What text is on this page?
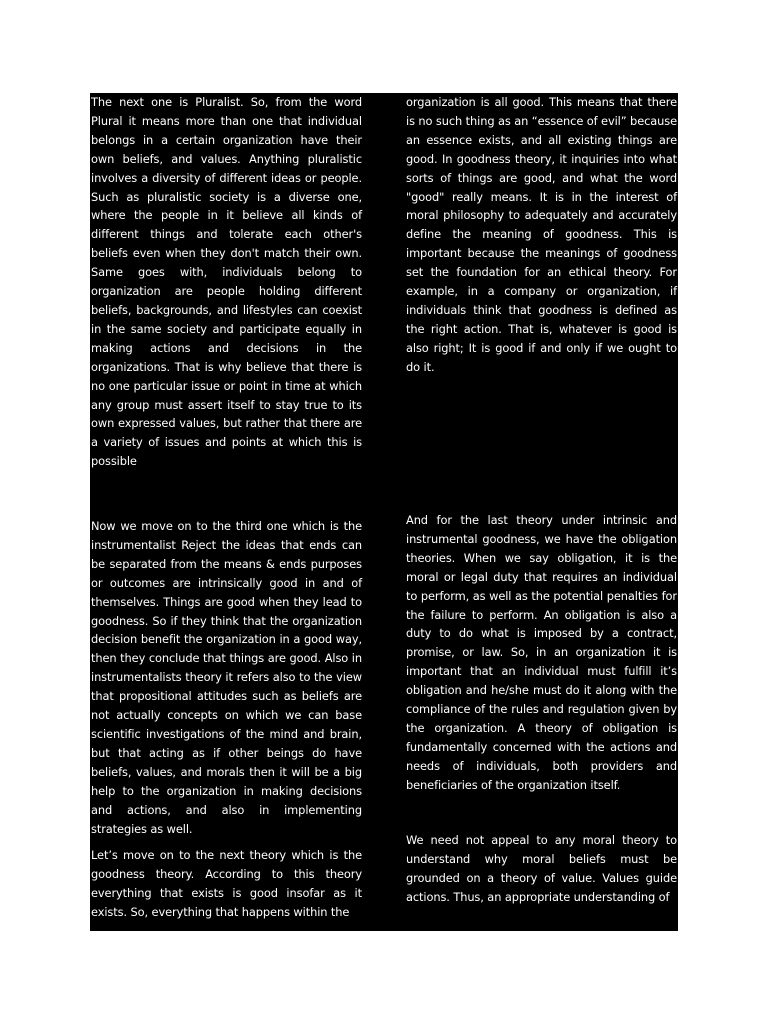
The next one is Pluralist. So, from the word Plural it means more than one that individual belongs in a certain organization have their own beliefs, and values. Anything pluralistic involves a diversity of different ideas or people. Such as pluralistic society is a diverse one, where the people in it believe all kinds of different things and tolerate each other's beliefs even when they don't match their own. Same goes with, individuals belong to organization are people holding different beliefs, backgrounds, and lifestyles can coexist in the same society and participate equally in making actions and decisions in the organizations. That is why believe that there is no one particular issue or point in time at which any group must assert itself to stay true to its own expressed values, but rather that there are a variety of issues and points at which this is possible

organization is all good. This means that there is no such thing as an “essence of evil” because an essence exists, and all existing things are good. In goodness theory, it inquiries into what sorts of things are good, and what the word "good" really means. It is in the interest of moral philosophy to adequately and accurately define the meaning of goodness. This is important because the meanings of goodness set the foundation for an ethical theory. For example, in a company or organization, if individuals think that goodness is defined as the right action. That is, whatever is good is also right; It is good if and only if we ought to do it.

Now we move on to the third one which is the instrumentalist Reject the ideas that ends can be separated from the means & ends purposes or outcomes are intrinsically good in and of themselves. Things are good when they lead to goodness. So if they think that the organization decision benefit the organization in a good way, then they conclude that things are good. Also in instrumentalists theory it refers also to the view that propositional attitudes such as beliefs are not actually concepts on which we can base scientific investigations of the mind and brain, but that acting as if other beings do have beliefs, values, and morals then it will be a big help to the organization in making decisions and actions, and also in implementing strategies as well.

And for the last theory under intrinsic and instrumental goodness, we have the obligation theories. When we say obligation, it is the moral or legal duty that requires an individual to perform, as well as the potential penalties for the failure to perform. An obligation is also a duty to do what is imposed by a contract, promise, or law. So, in an organization it is important that an individual must fulfill it’s obligation and he/she must do it along with the compliance of the rules and regulation given by the organization. A theory of obligation is fundamentally concerned with the actions and needs of individuals, both providers and beneficiaries of the organization itself.

Let’s move on to the next theory which is the goodness theory. According to this theory everything that exists is good insofar as it exists. So, everything that happens within the

We need not appeal to any moral theory to understand why moral beliefs must be grounded on a theory of value. Values guide actions. Thus, an appropriate understanding of
